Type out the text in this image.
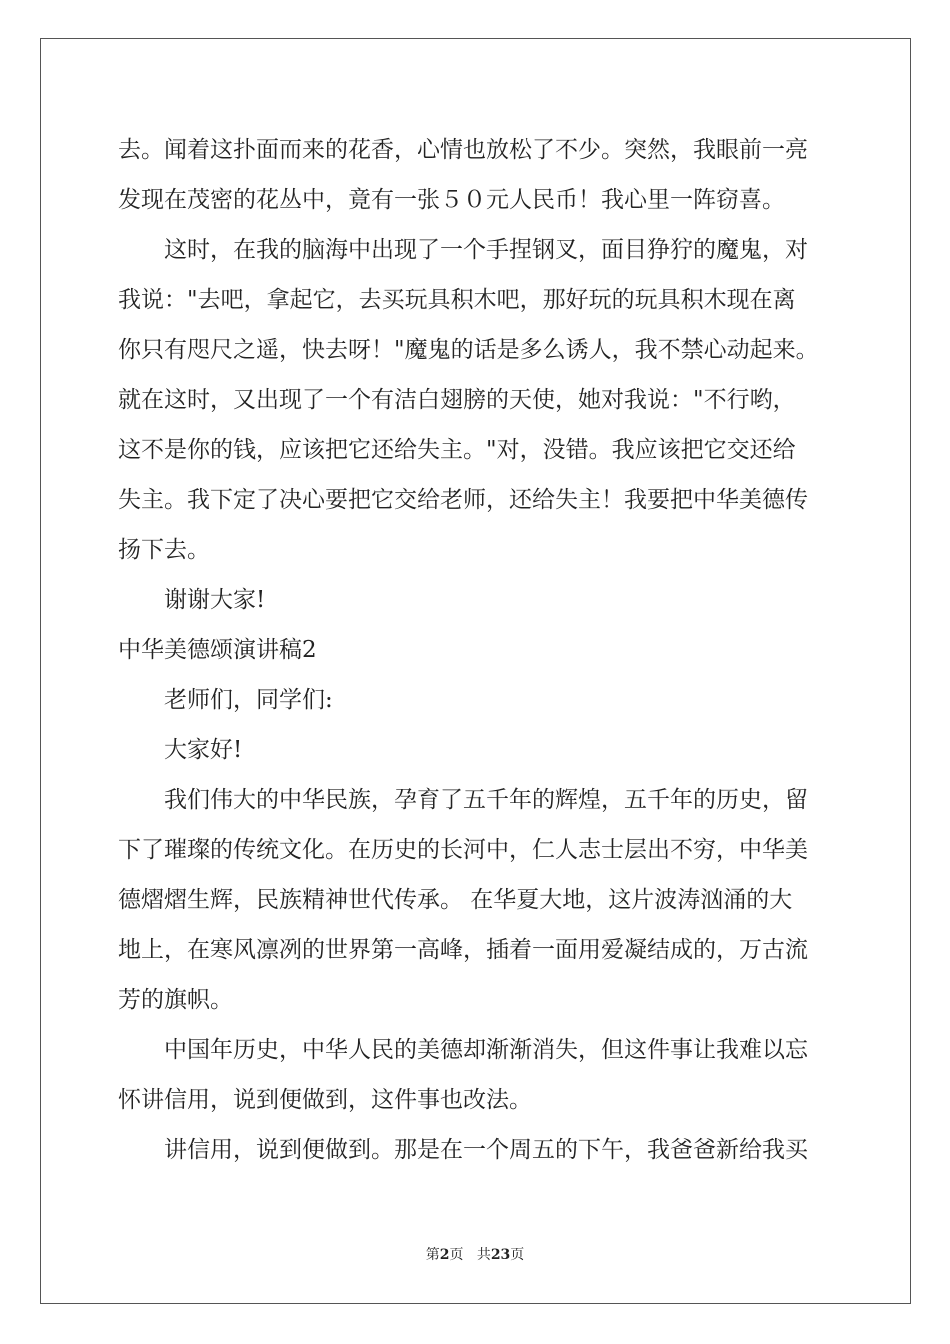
去。闻着这扑面而来的花香，心情也放松了不少。突然，我眼前一亮
发现在茂密的花丛中，竟有一张５０元人民币！我心里一阵窃喜。
这时，在我的脑海中出现了一个手捏钢叉，面目狰狞的魔鬼，对
我说："去吧，拿起它，去买玩具积木吧，那好玩的玩具积木现在离
你只有咫尺之遥，快去呀！"魔鬼的话是多么诱人，我不禁心动起来。
就在这时，又出现了一个有洁白翅膀的天使，她对我说："不行哟，
这不是你的钱，应该把它还给失主。"对，没错。我应该把它交还给
失主。我下定了决心要把它交给老师，还给失主！我要把中华美德传
扬下去。
谢谢大家!
中华美德颂演讲稿2
老师们，同学们:
大家好!
我们伟大的中华民族，孕育了五千年的辉煌，五千年的历史，留
下了璀璨的传统文化。在历史的长河中，仁人志士层出不穷，中华美
德熠熠生辉，民族精神世代传承。 在华夏大地，这片波涛汹涌的大
地上，在寒风凛冽的世界第一高峰，插着一面用爱凝结成的，万古流
芳的旗帜。
中国年历史，中华人民的美德却渐渐消失，但这件事让我难以忘
怀讲信用，说到便做到，这件事也改法。
讲信用，说到便做到。那是在一个周五的下午，我爸爸新给我买
第2页 共23页
